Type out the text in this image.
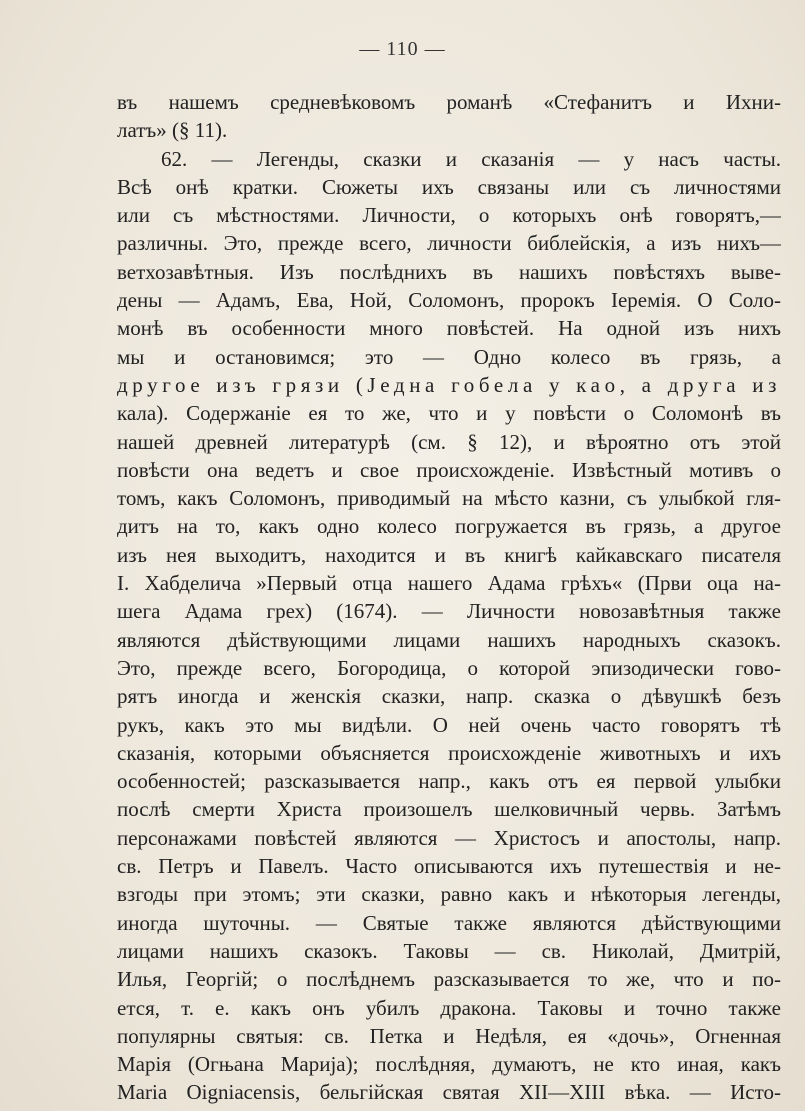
— 110 —
въ нашемъ средневѣковомъ романѣ «Стефанитъ и Ихни-
латъ» (§ 11).
62. — Легенды, сказки и сказанія — у насъ часты.
Всѣ онѣ кратки. Сюжеты ихъ связаны или съ личностями
или съ мѣстностями. Личности, о которыхъ онѣ говорятъ,—
различны. Это, прежде всего, личности библейскія, а изъ нихъ—
ветхозавѣтныя. Изъ послѣднихъ въ нашихъ повѣстяхъ выве-
дены — Адамъ, Ева, Ной, Соломонъ, пророкъ Іеремія. О Соло-
монѣ въ особенности много повѣстей. На одной изъ нихъ
мы и остановимся; это — Одно колесо въ грязь, а
другое изъ грязи (Једна гобела у као, а друга из
кала). Содержаніе ея то же, что и у повѣсти о Соломонѣ въ
нашей древней литературѣ (см. § 12), и вѣроятно отъ этой
повѣсти она ведетъ и свое происхожденіе. Извѣстный мотивъ о
томъ, какъ Соломонъ, приводимый на мѣсто казни, съ улыбкой гля-
дитъ на то, какъ одно колесо погружается въ грязь, а другое
изъ нея выходитъ, находится и въ книгѣ кайкавскаго писателя
І. Хабделича »Первый отца нашего Адама грѣхъ« (Први оца на-
шега Адама грех) (1674). — Личности новозавѣтныя также
являются дѣйствующими лицами нашихъ народныхъ сказокъ.
Это, прежде всего, Богородица, о которой эпизодически гово-
рятъ иногда и женскія сказки, напр. сказка о дѣвушкѣ безъ
рукъ, какъ это мы видѣли. О ней очень часто говорятъ тѣ
сказанія, которыми объясняется происхожденіе животныхъ и ихъ
особенностей; разсказывается напр., какъ отъ ея первой улыбки
послѣ смерти Христа произошелъ шелковичный червь. Затѣмъ
персонажами повѣстей являются — Христосъ и апостолы, напр.
св. Петръ и Павелъ. Часто описываются ихъ путешествія и не-
взгоды при этомъ; эти сказки, равно какъ и нѣкоторыя легенды,
иногда шуточны. — Святые также являются дѣйствующими
лицами нашихъ сказокъ. Таковы — св. Николай, Дмитрій,
Илья, Георгій; о послѣднемъ разсказывается то же, что и по-
ется, т. е. какъ онъ убилъ дракона. Таковы и точно также
популярны святыя: св. Петка и Недѣля, ея «дочь», Огненная
Марія (Огњана Марија); послѣдняя, думаютъ, не кто иная, какъ
Maria Oigniacensis, бельгійская святая XII—XIII вѣка. — Исто-
